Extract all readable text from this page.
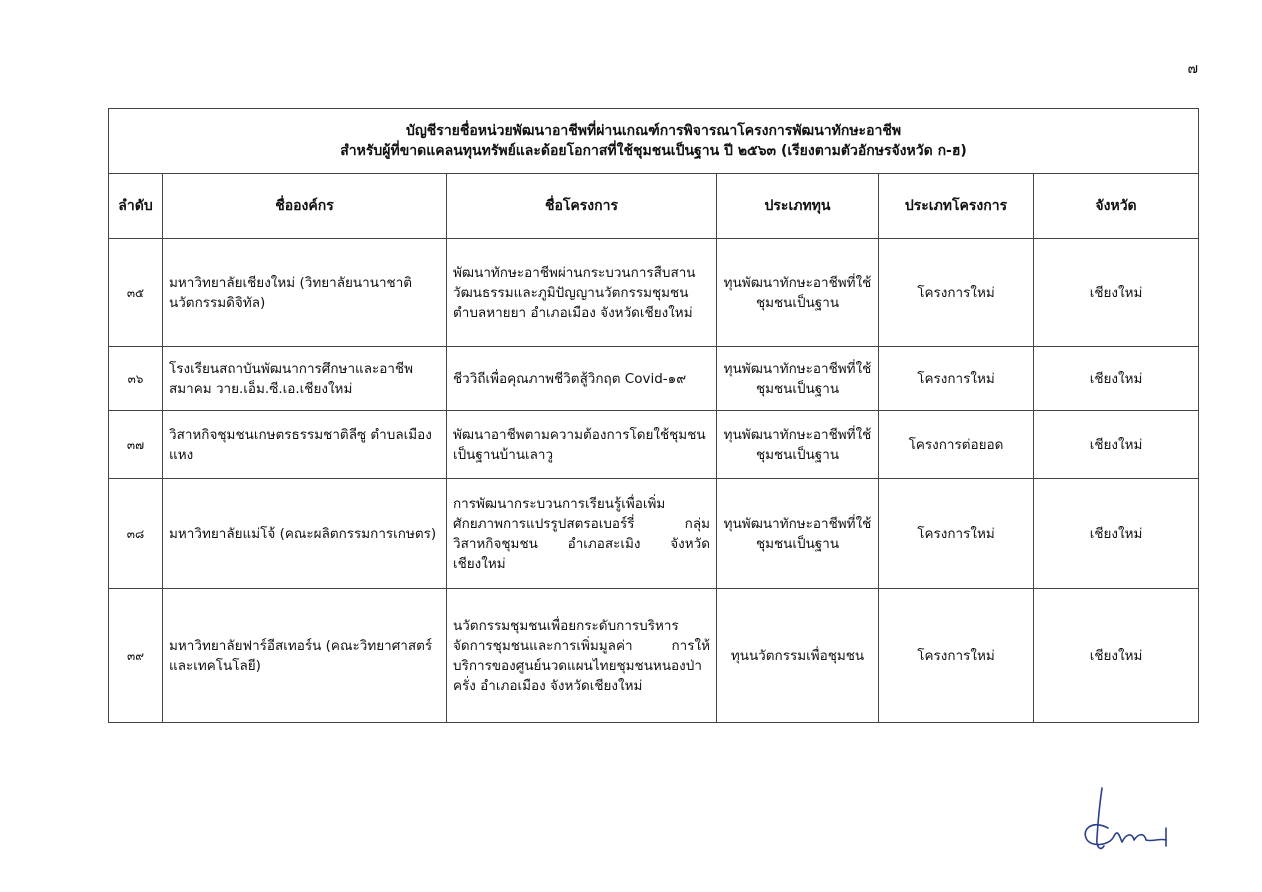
๗
บัญชีรายชื่อหน่วยพัฒนาอาชีพที่ผ่านเกณฑ์การพิจารณาโครงการพัฒนาทักษะอาชีพ
สำหรับผู้ที่ขาดแคลนทุนทรัพย์และด้อยโอกาสที่ใช้ชุมชนเป็นฐาน ปี ๒๕๖๓ (เรียงตามตัวอักษรจังหวัด ก-ฮ)					

ลำดับ	ชื่อองค์กร	ชื่อโครงการ	ประเภททุน	ประเภทโครงการ	จังหวัด
๓๕	มหาวิทยาลัยเชียงใหม่ (วิทยาลัยนานาชาตินวัตกรรมดิจิทัล)	พัฒนาทักษะอาชีพผ่านกระบวนการสืบสานวัฒนธรรมและภูมิปัญญานวัตกรรมชุมชน ตำบลหายยา อำเภอเมือง จังหวัดเชียงใหม่	ทุนพัฒนาทักษะอาชีพที่ใช้ชุมชนเป็นฐาน	โครงการใหม่	เชียงใหม่
๓๖	โรงเรียนสถาบันพัฒนาการศึกษาและอาชีพ สมาคม วาย.เอ็ม.ซี.เอ.เชียงใหม่	ชีววิถีเพื่อคุณภาพชีวิตสู้วิกฤต Covid-๑๙	ทุนพัฒนาทักษะอาชีพที่ใช้ชุมชนเป็นฐาน	โครงการใหม่	เชียงใหม่
๓๗	วิสาหกิจชุมชนเกษตรธรรมชาติลีซู ตำบลเมืองแหง	พัฒนาอาชีพตามความต้องการโดยใช้ชุมชนเป็นฐานบ้านเลาวู	ทุนพัฒนาทักษะอาชีพที่ใช้ชุมชนเป็นฐาน	โครงการต่อยอด	เชียงใหม่
๓๘	มหาวิทยาลัยแม่โจ้ (คณะผลิตกรรมการเกษตร)	การพัฒนากระบวนการเรียนรู้เพื่อเพิ่มศักยภาพการแปรรูปสตรอเบอร์รี่ กลุ่มวิสาหกิจชุมชน อำเภอสะเมิง จังหวัดเชียงใหม่	ทุนพัฒนาทักษะอาชีพที่ใช้ชุมชนเป็นฐาน	โครงการใหม่	เชียงใหม่
๓๙	มหาวิทยาลัยฟาร์อีสเทอร์น (คณะวิทยาศาสตร์และเทคโนโลยี)	นวัตกรรมชุมชนเพื่อยกระดับการบริหารจัดการชุมชนและการเพิ่มมูลค่า การให้บริการของศูนย์นวดแผนไทยชุมชนหนองป่าครั่ง อำเภอเมือง จังหวัดเชียงใหม่	ทุนนวัตกรรมเพื่อชุมชน	โครงการใหม่	เชียงใหม่
